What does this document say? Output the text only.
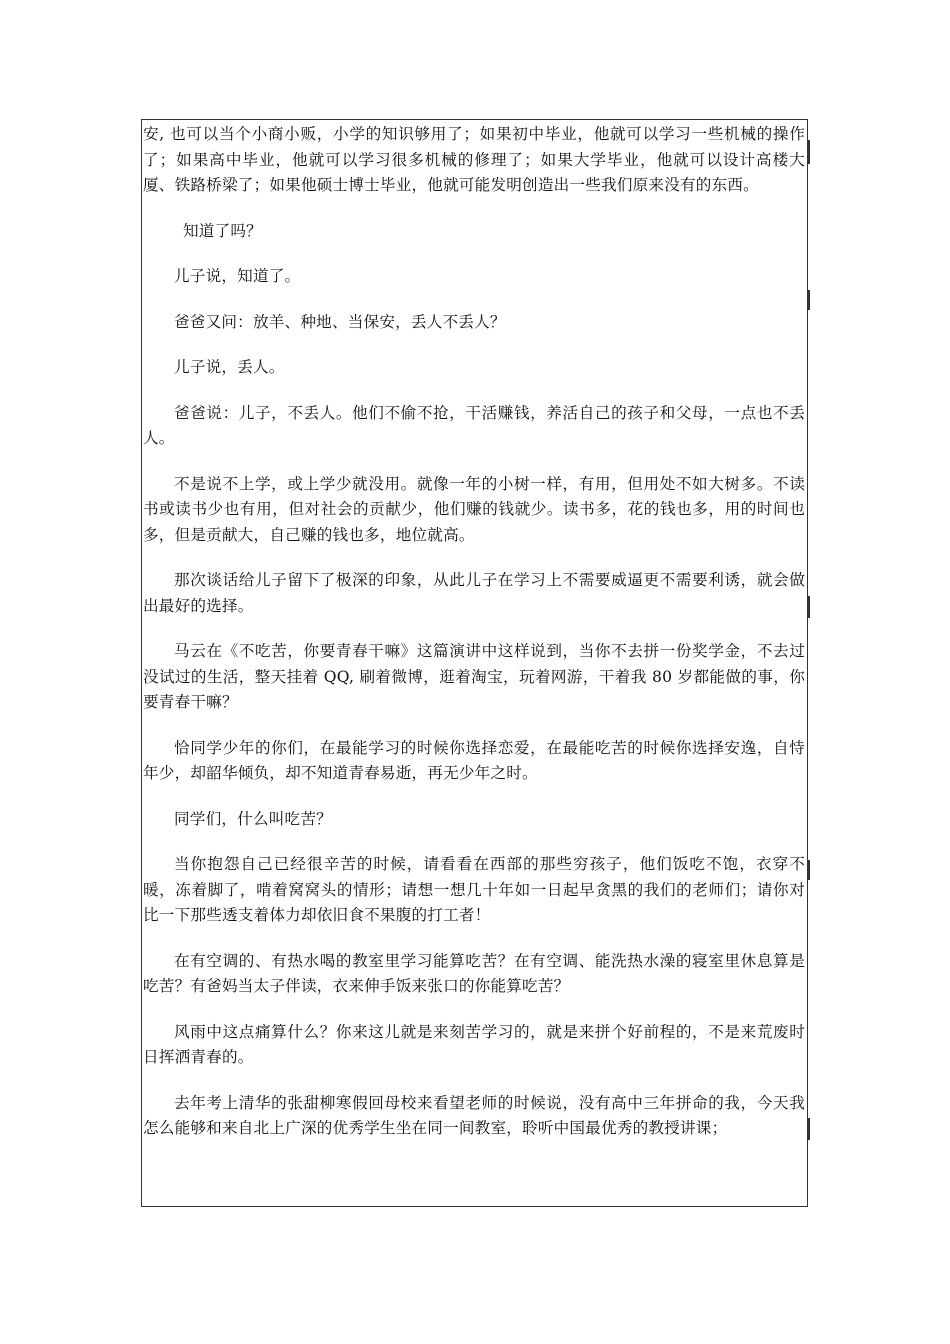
安, 也可以当个小商小贩，小学的知识够用了；如果初中毕业，他就可以学习一些机械的操作了；如果高中毕业，他就可以学习很多机械的修理了；如果大学毕业，他就可以设计高楼大厦、铁路桥梁了；如果他硕士博士毕业，他就可能发明创造出一些我们原来没有的东西。

知道了吗？

儿子说，知道了。

爸爸又问：放羊、种地、当保安，丢人不丢人？

儿子说，丢人。

爸爸说：儿子，不丢人。他们不偷不抢，干活赚钱，养活自己的孩子和父母，一点也不丢人。

不是说不上学，或上学少就没用。就像一年的小树一样，有用，但用处不如大树多。不读书或读书少也有用，但对社会的贡献少，他们赚的钱就少。读书多，花的钱也多，用的时间也多，但是贡献大，自己赚的钱也多，地位就高。

那次谈话给儿子留下了极深的印象，从此儿子在学习上不需要威逼更不需要利诱，就会做出最好的选择。

马云在《不吃苦，你要青春干嘛》这篇演讲中这样说到，当你不去拼一份奖学金，不去过没试过的生活，整天挂着 QQ, 刷着微博，逛着淘宝，玩着网游，干着我 80 岁都能做的事，你要青春干嘛？

恰同学少年的你们，在最能学习的时候你选择恋爱，在最能吃苦的时候你选择安逸，自恃年少，却韶华倾负，却不知道青春易逝，再无少年之时。

同学们，什么叫吃苦？

当你抱怨自己已经很辛苦的时候，请看看在西部的那些穷孩子，他们饭吃不饱，衣穿不暖，冻着脚了，啃着窝窝头的情形；请想一想几十年如一日起早贪黑的我们的老师们；请你对比一下那些透支着体力却依旧食不果腹的打工者！

在有空调的、有热水喝的教室里学习能算吃苦？在有空调、能洗热水澡的寝室里休息算是吃苦？有爸妈当太子伴读，衣来伸手饭来张口的你能算吃苦？

风雨中这点痛算什么？你来这儿就是来刻苦学习的，就是来拼个好前程的，不是来荒废时日挥洒青春的。

去年考上清华的张甜柳寒假回母校来看望老师的时候说，没有高中三年拼命的我，今天我怎么能够和来自北上广深的优秀学生坐在同一间教室，聆听中国最优秀的教授讲课；
